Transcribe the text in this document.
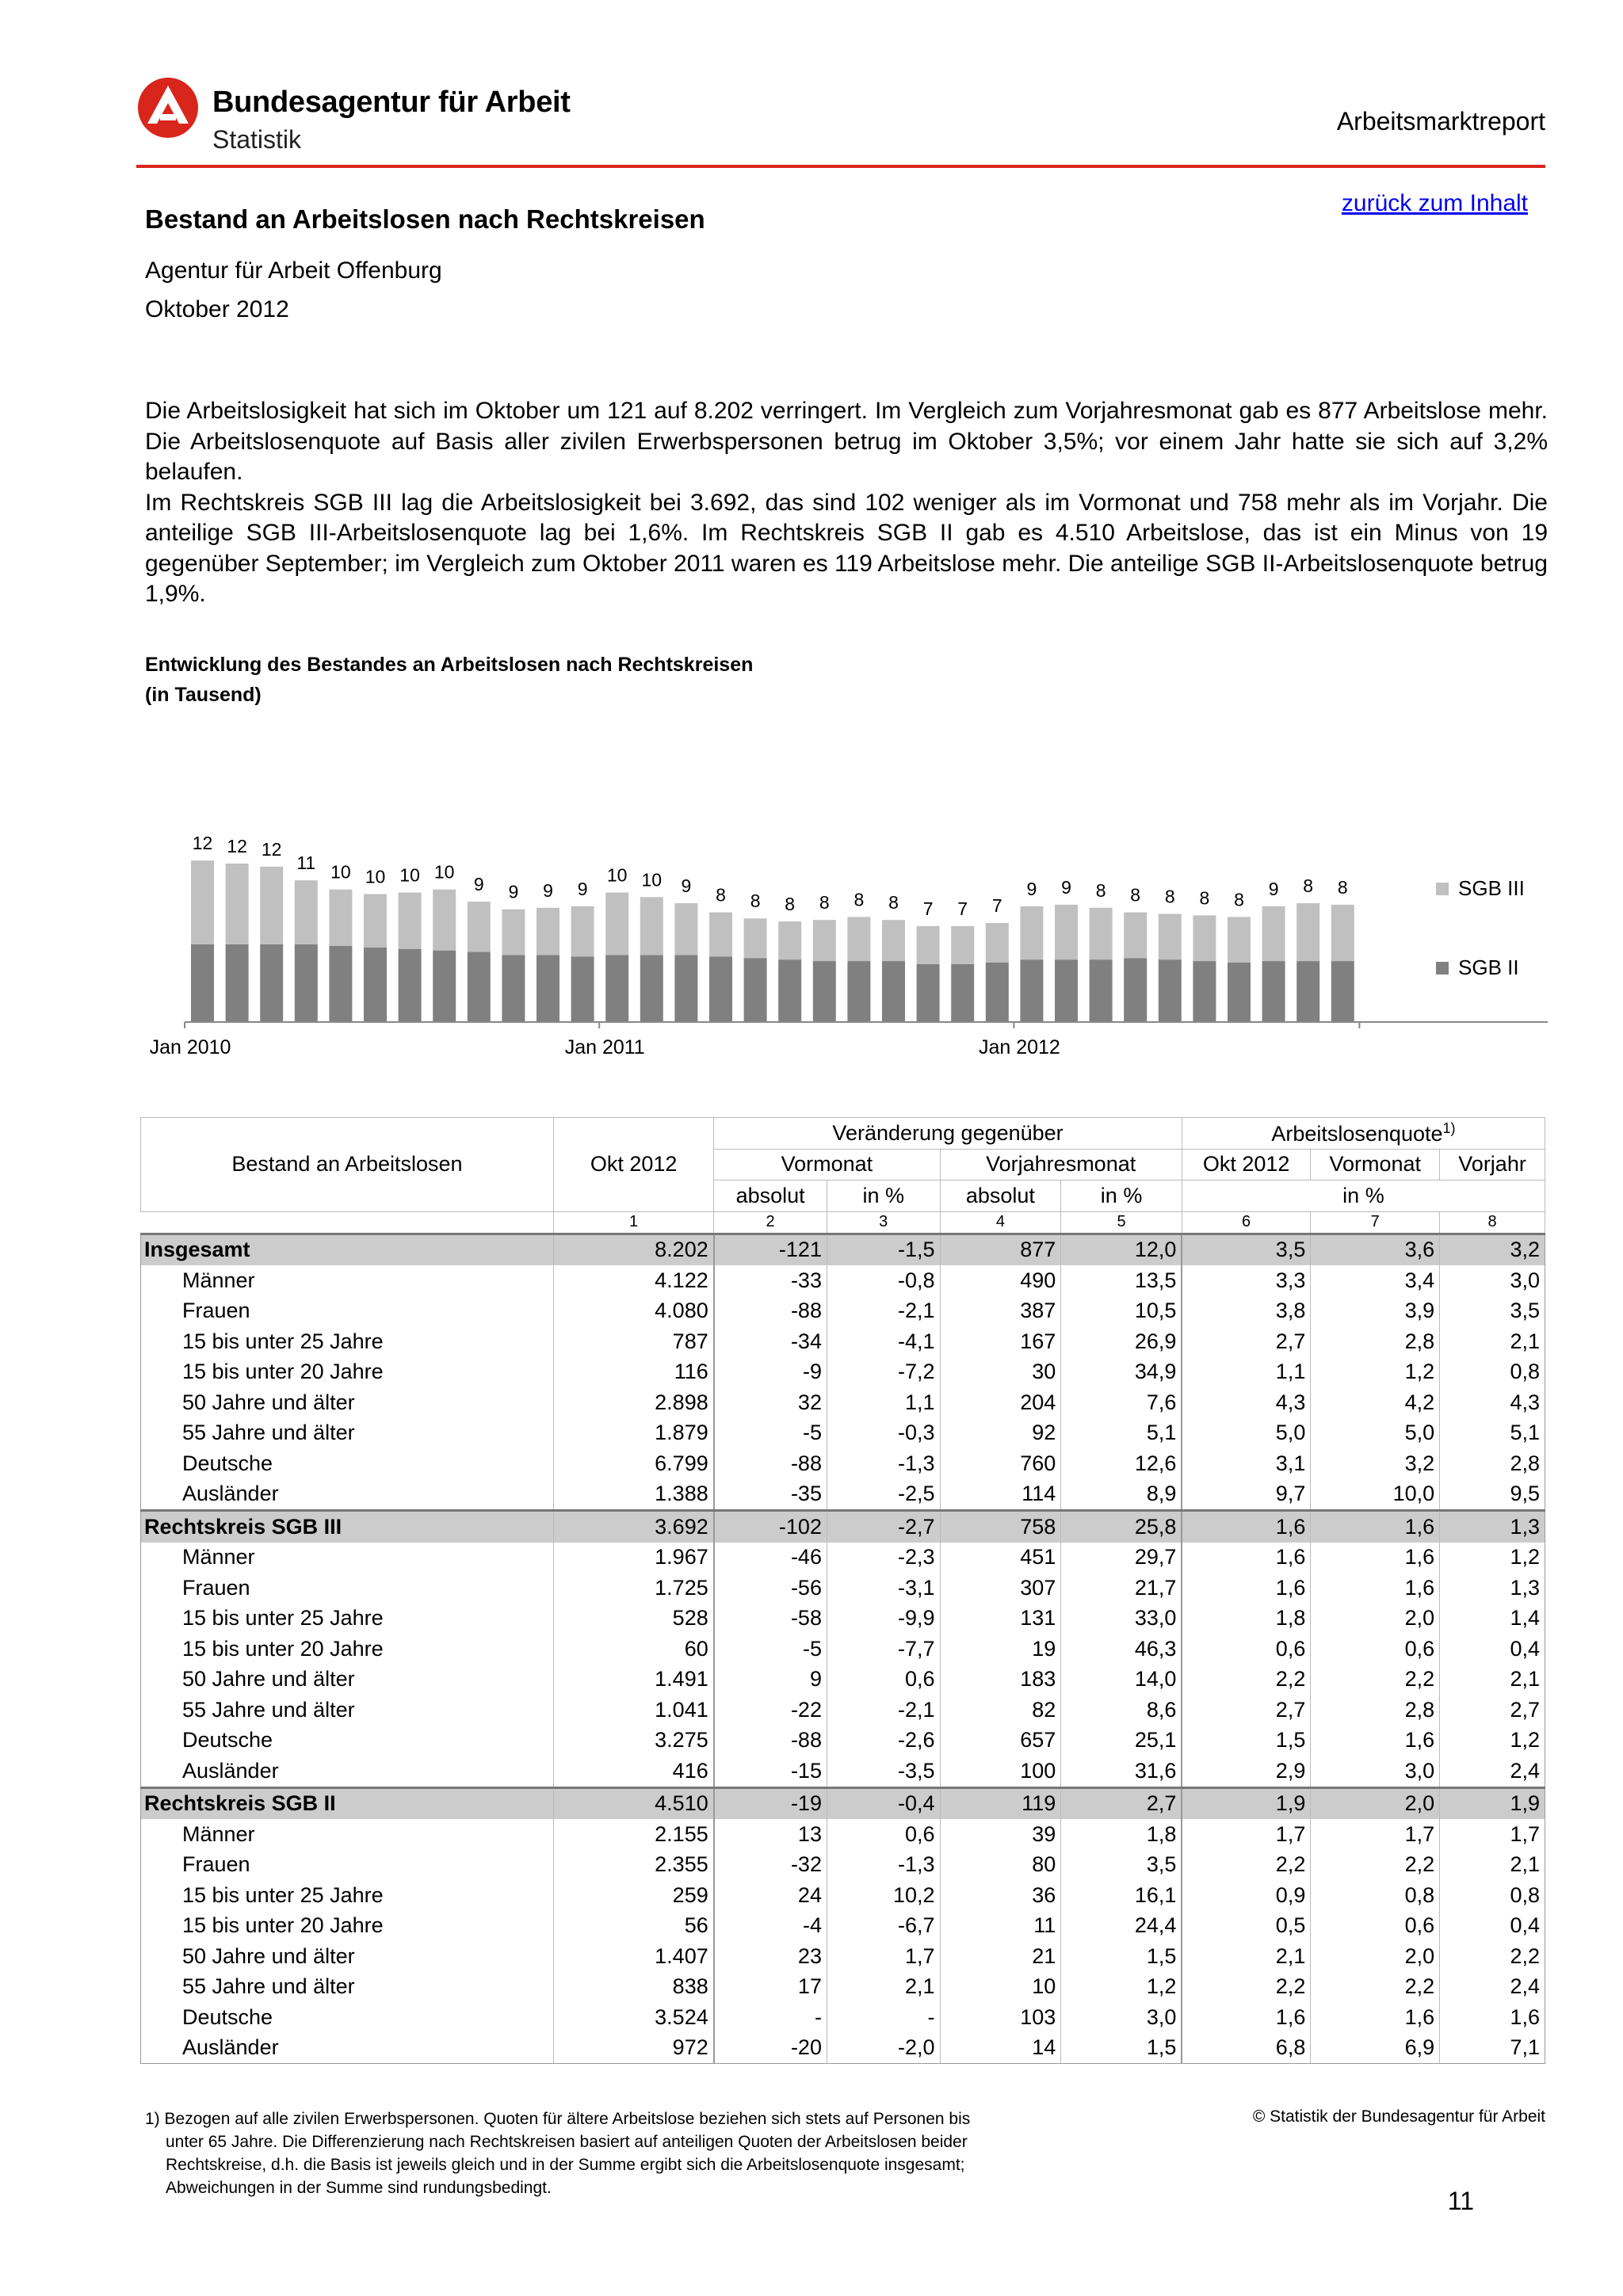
Bundesagentur für Arbeit
Statistik
Arbeitsmarktreport
zurück zum Inhalt
Bestand an Arbeitslosen nach Rechtskreisen
Agentur für Arbeit Offenburg
Oktober 2012

Die Arbeitslosigkeit hat sich im Oktober um 121 auf 8.202 verringert. Im Vergleich zum Vorjahresmonat gab es 877 Arbeitslose mehr. Die Arbeitslosenquote auf Basis aller zivilen Erwerbspersonen betrug im Oktober 3,5%; vor einem Jahr hatte sie sich auf 3,2% belaufen.

Im Rechtskreis SGB III lag die Arbeitslosigkeit bei 3.692, das sind 102 weniger als im Vormonat und 758 mehr als im Vorjahr. Die anteilige SGB III-Arbeitslosenquote lag bei 1,6%. Im Rechtskreis SGB II gab es 4.510 Arbeitslose, das ist ein Minus von 19 gegenüber September; im Vergleich zum Oktober 2011 waren es 119 Arbeitslose mehr. Die anteilige SGB II-Arbeitslosenquote betrug 1,9%.

Entwicklung des Bestandes an Arbeitslosen nach Rechtskreisen
(in Tausend)
12 12 12
11 10 10 10 10
9 9 9 9
10 10 9 8 8 8 8 8 8 7 7 7
9 9 8 8 8 8 8
9 8 8
Jan 2010	Jan 2011	Jan 2012
SGB III
SGB II
Bestand an Arbeitslosen	Okt 2012	Veränderung gegenüber				Arbeitslosenquote$^{1)}$
		Vormonat		Vorjahresmonat		Okt 2012	Vormonat	Vorjahr
		absolut	in %	absolut	in %	in %		
	1	2	3	4	5	6	7	8
Insgesamt	8.202	-121	-1,5	877	12,0	3,5	3,6	3,2
Männer	4.122	-33	-0,8	490	13,5	3,3	3,4	3,0
Frauen	4.080	-88	-2,1	387	10,5	3,8	3,9	3,5
15 bis unter 25 Jahre	787	-34	-4,1	167	26,9	2,7	2,8	2,1
15 bis unter 20 Jahre	116	-9	-7,2	30	34,9	1,1	1,2	0,8
50 Jahre und älter	2.898	32	1,1	204	7,6	4,3	4,2	4,3
55 Jahre und älter	1.879	-5	-0,3	92	5,1	5,0	5,0	5,1
Deutsche	6.799	-88	-1,3	760	12,6	3,1	3,2	2,8
Ausländer	1.388	-35	-2,5	114	8,9	9,7	10,0	9,5
Rechtskreis SGB III	3.692	-102	-2,7	758	25,8	1,6	1,6	1,3
Männer	1.967	-46	-2,3	451	29,7	1,6	1,6	1,2
Frauen	1.725	-56	-3,1	307	21,7	1,6	1,6	1,3
15 bis unter 25 Jahre	528	-58	-9,9	131	33,0	1,8	2,0	1,4
15 bis unter 20 Jahre	60	-5	-7,7	19	46,3	0,6	0,6	0,4
50 Jahre und älter	1.491	9	0,6	183	14,0	2,2	2,2	2,1
55 Jahre und älter	1.041	-22	-2,1	82	8,6	2,7	2,8	2,7
Deutsche	3.275	-88	-2,6	657	25,1	1,5	1,6	1,2
Ausländer	416	-15	-3,5	100	31,6	2,9	3,0	2,4
Rechtskreis SGB II	4.510	-19	-0,4	119	2,7	1,9	2,0	1,9
Männer	2.155	13	0,6	39	1,8	1,7	1,7	1,7
Frauen	2.355	-32	-1,3	80	3,5	2,2	2,2	2,1
15 bis unter 25 Jahre	259	24	10,2	36	16,1	0,9	0,8	0,8
15 bis unter 20 Jahre	56	-4	-6,7	11	24,4	0,5	0,6	0,4
50 Jahre und älter	1.407	23	1,7	21	1,5	2,1	2,0	2,2
55 Jahre und älter	838	17	2,1	10	1,2	2,2	2,2	2,4
Deutsche	3.524	-	-	103	3,0	1,6	1,6	1,6
Ausländer	972	-20	-2,0	14	1,5	6,8	6,9	7,1
1) Bezogen auf alle zivilen Erwerbspersonen. Quoten für ältere Arbeitslose beziehen sich stets auf Personen bis
unter 65 Jahre. Die Differenzierung nach Rechtskreisen basiert auf anteiligen Quoten der Arbeitslosen beider
Rechtskreise, d.h. die Basis ist jeweils gleich und in der Summe ergibt sich die Arbeitslosenquote insgesamt;
Abweichungen in der Summe sind rundungsbedingt.
© Statistik der Bundesagentur für Arbeit
11
